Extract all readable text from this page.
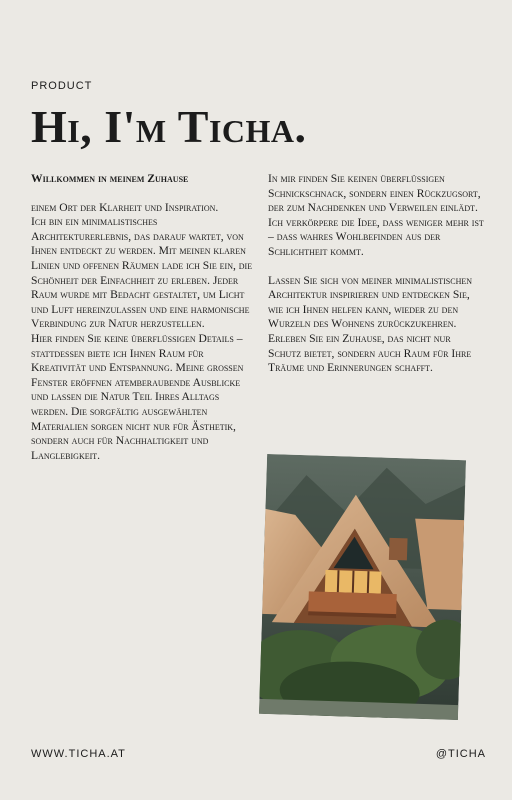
PRODUCT
Hi, I'm Ticha.
Willkommen in meinem Zuhause

einem Ort der Klarheit und Inspiration.

Ich bin ein minimalistisches Architekturerlebnis, das darauf wartet, von Ihnen entdeckt zu werden. Mit meinen klaren Linien und offenen Räumen lade ich Sie ein, die Schönheit der Einfachheit zu erleben. Jeder Raum wurde mit Bedacht gestaltet, um Licht und Luft hereinzulassen und eine harmonische Verbindung zur Natur herzustellen.

Hier finden Sie keine überflüssigen Details – stattdessen biete ich Ihnen Raum für Kreativität und Entspannung. Meine grossen Fenster eröffnen atemberaubende Ausblicke und lassen die Natur Teil Ihres Alltags werden. Die sorgfältig ausgewählten Materialien sorgen nicht nur für Ästhetik, sondern auch für Nachhaltigkeit und Langlebigkeit.

In mir finden Sie keinen überflüssigen Schnickschnack, sondern einen Rückzugsort, der zum Nachdenken und Verweilen einlädt. Ich verkörpere die Idee, dass weniger mehr ist – dass wahres Wohlbefinden aus der Schlichtheit kommt.

Lassen Sie sich von meiner minimalistischen Architektur inspirieren und entdecken Sie, wie ich Ihnen helfen kann, wieder zu den Wurzeln des Wohnens zurückzukehren. Erleben Sie ein Zuhause, das nicht nur Schutz bietet, sondern auch Raum für Ihre Träume und Erinnerungen schafft.

WWW.TICHA.AT	@TICHA
